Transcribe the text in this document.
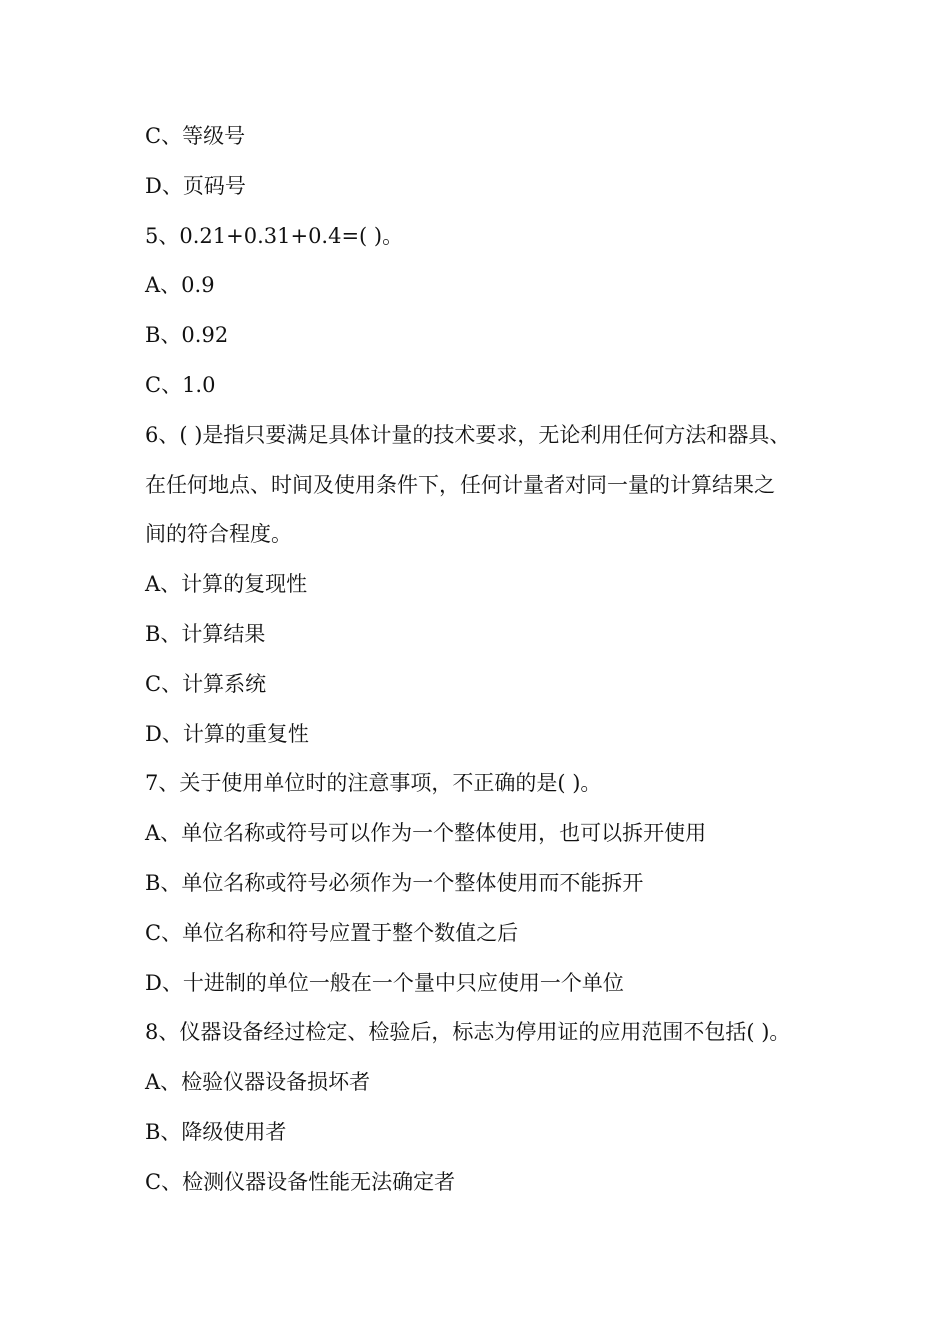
C、等级号

D、页码号

5、0.21+0.31+0.4=( )。

A、0.9

B、0.92

C、1.0

6、( )是指只要满足具体计量的技术要求，无论利用任何方法和器具、

在任何地点、时间及使用条件下，任何计量者对同一量的计算结果之

间的符合程度。

A、计算的复现性

B、计算结果

C、计算系统

D、计算的重复性

7、关于使用单位时的注意事项，不正确的是( )。

A、单位名称或符号可以作为一个整体使用，也可以拆开使用

B、单位名称或符号必须作为一个整体使用而不能拆开

C、单位名称和符号应置于整个数值之后

D、十进制的单位一般在一个量中只应使用一个单位

8、仪器设备经过检定、检验后，标志为停用证的应用范围不包括( )。

A、检验仪器设备损坏者

B、降级使用者

C、检测仪器设备性能无法确定者
